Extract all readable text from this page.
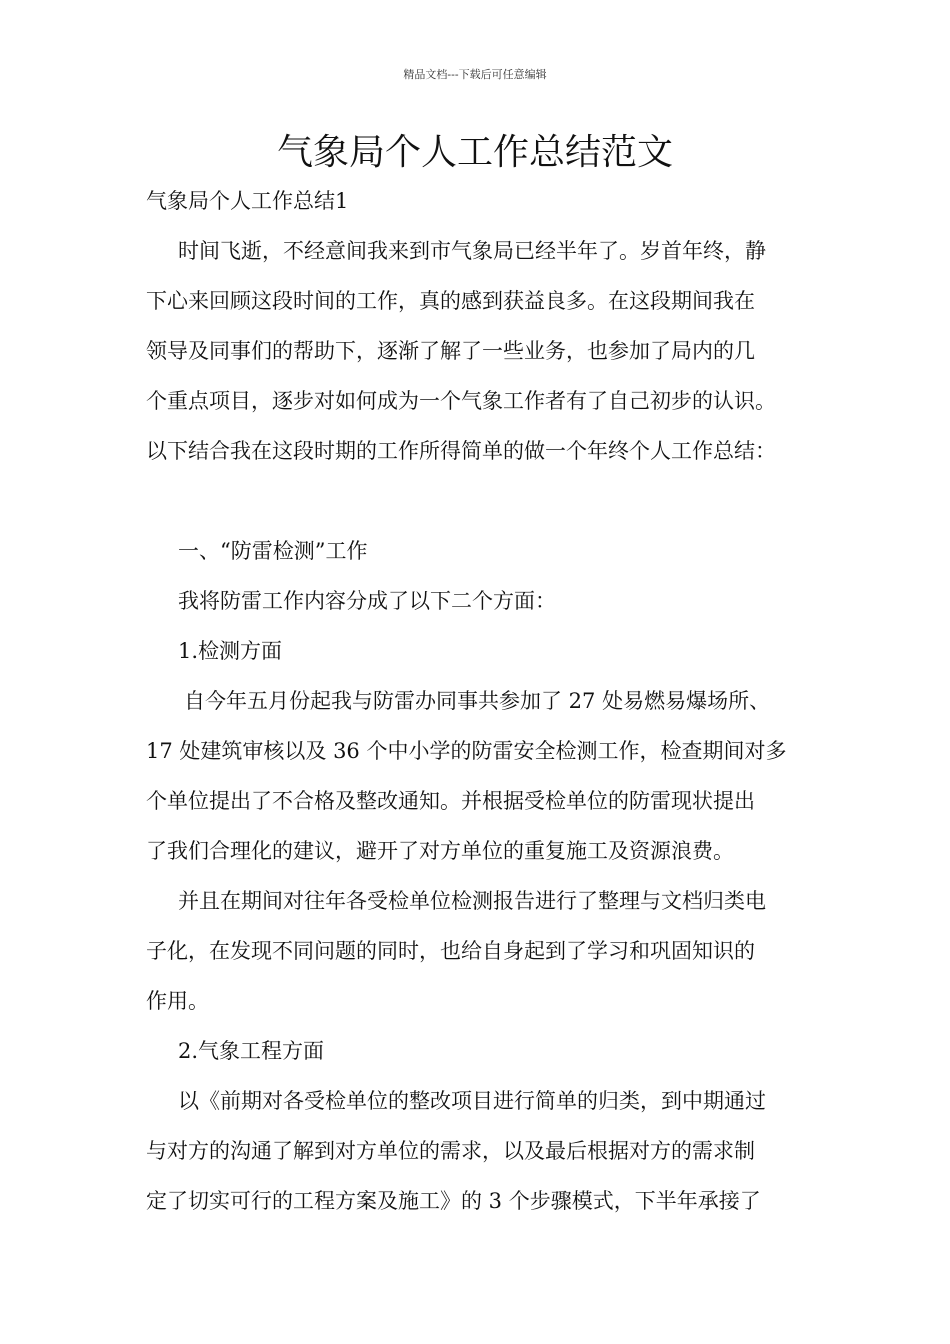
精品文档---下载后可任意编辑
气象局个人工作总结范文
气象局个人工作总结1
时间飞逝，不经意间我来到市气象局已经半年了。岁首年终，静
下心来回顾这段时间的工作，真的感到获益良多。在这段期间我在
领导及同事们的帮助下，逐渐了解了一些业务，也参加了局内的几
个重点项目，逐步对如何成为一个气象工作者有了自己初步的认识。
以下结合我在这段时期的工作所得简单的做一个年终个人工作总结：
一、“防雷检测”工作
我将防雷工作内容分成了以下二个方面：
1.检测方面
自今年五月份起我与防雷办同事共参加了 27 处易燃易爆场所、
17 处建筑审核以及 36 个中小学的防雷安全检测工作，检查期间对多
个单位提出了不合格及整改通知。并根据受检单位的防雷现状提出
了我们合理化的建议，避开了对方单位的重复施工及资源浪费。
并且在期间对往年各受检单位检测报告进行了整理与文档归类电
子化，在发现不同问题的同时，也给自身起到了学习和巩固知识的
作用。
2.气象工程方面
以《前期对各受检单位的整改项目进行简单的归类，到中期通过
与对方的沟通了解到对方单位的需求，以及最后根据对方的需求制
定了切实可行的工程方案及施工》的 3 个步骤模式，下半年承接了
